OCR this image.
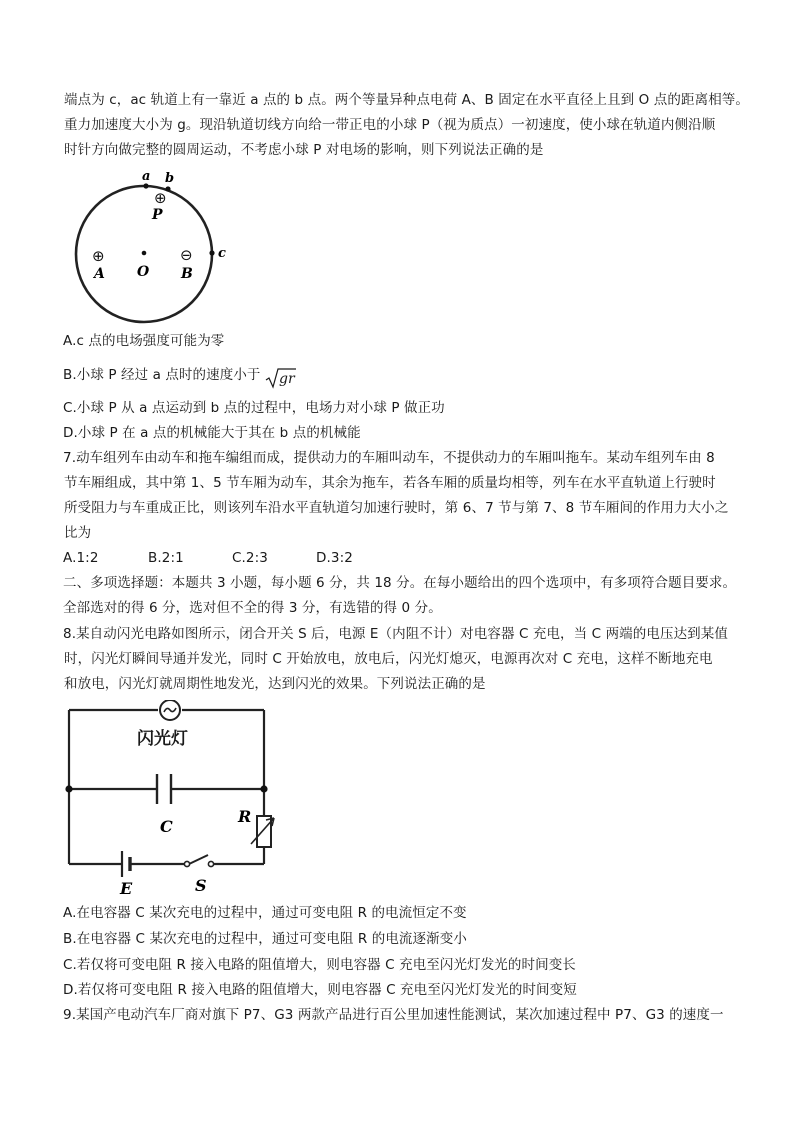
端点为 c，ac 轨道上有一靠近 a 点的 b 点。两个等量异种点电荷 A、B 固定在水平直径上且到 O 点的距离相等。
重力加速度大小为 g。现沿轨道切线方向给一带正电的小球 P（视为质点）一初速度，使小球在轨道内侧沿顺
时针方向做完整的圆周运动，不考虑小球 P 对电场的影响，则下列说法正确的是
a b
⊕
P
c
⊕
A O
⊖
B
A.c 点的电场强度可能为零
B.小球 P 经过 a 点时的速度小于 gr
C.小球 P 从 a 点运动到 b 点的过程中，电场力对小球 P 做正功
D.小球 P 在 a 点的机械能大于其在 b 点的机械能
7.动车组列车由动车和拖车编组而成，提供动力的车厢叫动车，不提供动力的车厢叫拖车。某动车组列车由 8
节车厢组成，其中第 1、5 节车厢为动车，其余为拖车，若各车厢的质量均相等，列车在水平直轨道上行驶时
所受阻力与车重成正比，则该列车沿水平直轨道匀加速行驶时，第 6、7 节与第 7、8 节车厢间的作用力大小之
比为
A.1:2	B.2:1	C.2:3	D.3:2
二、多项选择题：本题共 3 小题，每小题 6 分，共 18 分。在每小题给出的四个选项中，有多项符合题目要求。
全部选对的得 6 分，选对但不全的得 3 分，有选错的得 0 分。
8.某自动闪光电路如图所示，闭合开关 S 后，电源 E（内阻不计）对电容器 C 充电，当 C 两端的电压达到某值
时，闪光灯瞬间导通并发光，同时 C 开始放电，放电后，闪光灯熄灭，电源再次对 C 充电，这样不断地充电
和放电，闪光灯就周期性地发光，达到闪光的效果。下列说法正确的是
闪光灯
C
R
E	S
A.在电容器 C 某次充电的过程中，通过可变电阻 R 的电流恒定不变
B.在电容器 C 某次充电的过程中，通过可变电阻 R 的电流逐渐变小
C.若仅将可变电阻 R 接入电路的阻值增大，则电容器 C 充电至闪光灯发光的时间变长
D.若仅将可变电阻 R 接入电路的阻值增大，则电容器 C 充电至闪光灯发光的时间变短
9.某国产电动汽车厂商对旗下 P7、G3 两款产品进行百公里加速性能测试，某次加速过程中 P7、G3 的速度一
